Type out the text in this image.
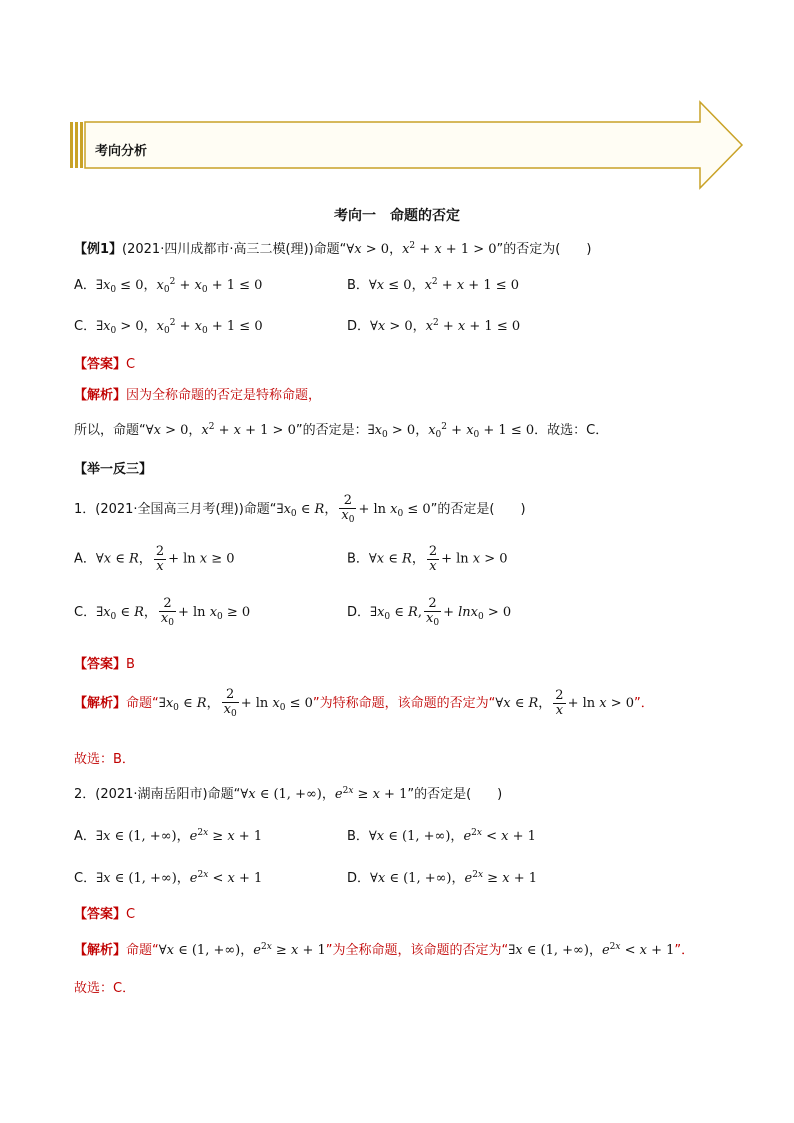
考向分析
考向一　命题的否定
【例1】(2021·四川成都市·高三二模(理))命题“∀x > 0，$x^2 + x + 1 > 0$”的否定为(　　)
A．$\exists x_0 \le 0$，$x_0^2 + x_0 + 1 \le 0$	B．∀x ≤ 0，$x^2 + x + 1 \le 0$
C．$\exists x_0 > 0$，$x_0^2 + x_0 + 1 \le 0$	D．∀x > 0，$x^2 + x + 1 \le 0$
【答案】C
【解析】因为全称命题的否定是特称命题，
所以，命题“∀x > 0，$x^2 + x + 1 > 0$”的否定是：$\exists x_0 > 0$，$x_0^2 + x_0 + 1 \le 0$．故选：C．
【举一反三】
1．(2021·全国高三月考(理))命题“$\exists x_0$ ∈ R， $\frac{2}{x_0} + \ln x_0 \le 0$”的否定是(　　)
A．∀x ∈ R， $\frac{2}{x} + \ln x \ge 0$	B．∀x ∈ R， $\frac{2}{x} + \ln x > 0$
C．$\exists x_0$ ∈ R， $\frac{2}{x_0} + \ln x_0 \ge 0$	D．$\exists x_0$ ∈ R, $\frac{2}{x_0} + \ln x_0 > 0$
【答案】B
【解析】命题“$\exists x_0$ ∈ R， $\frac{2}{x_0} + \ln x_0 \le 0$”为特称命题，该命题的否定为“∀x ∈ R， $\frac{2}{x} + \ln x > 0$”．
故选：B．
2．(2021·湖南岳阳市)命题“∀x ∈ (1, +∞)，$e^{2x} \ge x + 1$”的否定是(　　)
A．∃x ∈ (1, +∞)，$e^{2x} \ge x + 1$	B．∀x ∈ (1, +∞)，$e^{2x} < x + 1$
C．∃x ∈ (1, +∞)，$e^{2x} < x + 1$	D．∀x ∈ (1, +∞)，$e^{2x} \ge x + 1$
【答案】C
【解析】命题“∀x ∈ (1, +∞)，$e^{2x} \ge x + 1$”为全称命题，该命题的否定为“∃x ∈ (1, +∞)，$e^{2x} < x + 1$”．
故选：C．
